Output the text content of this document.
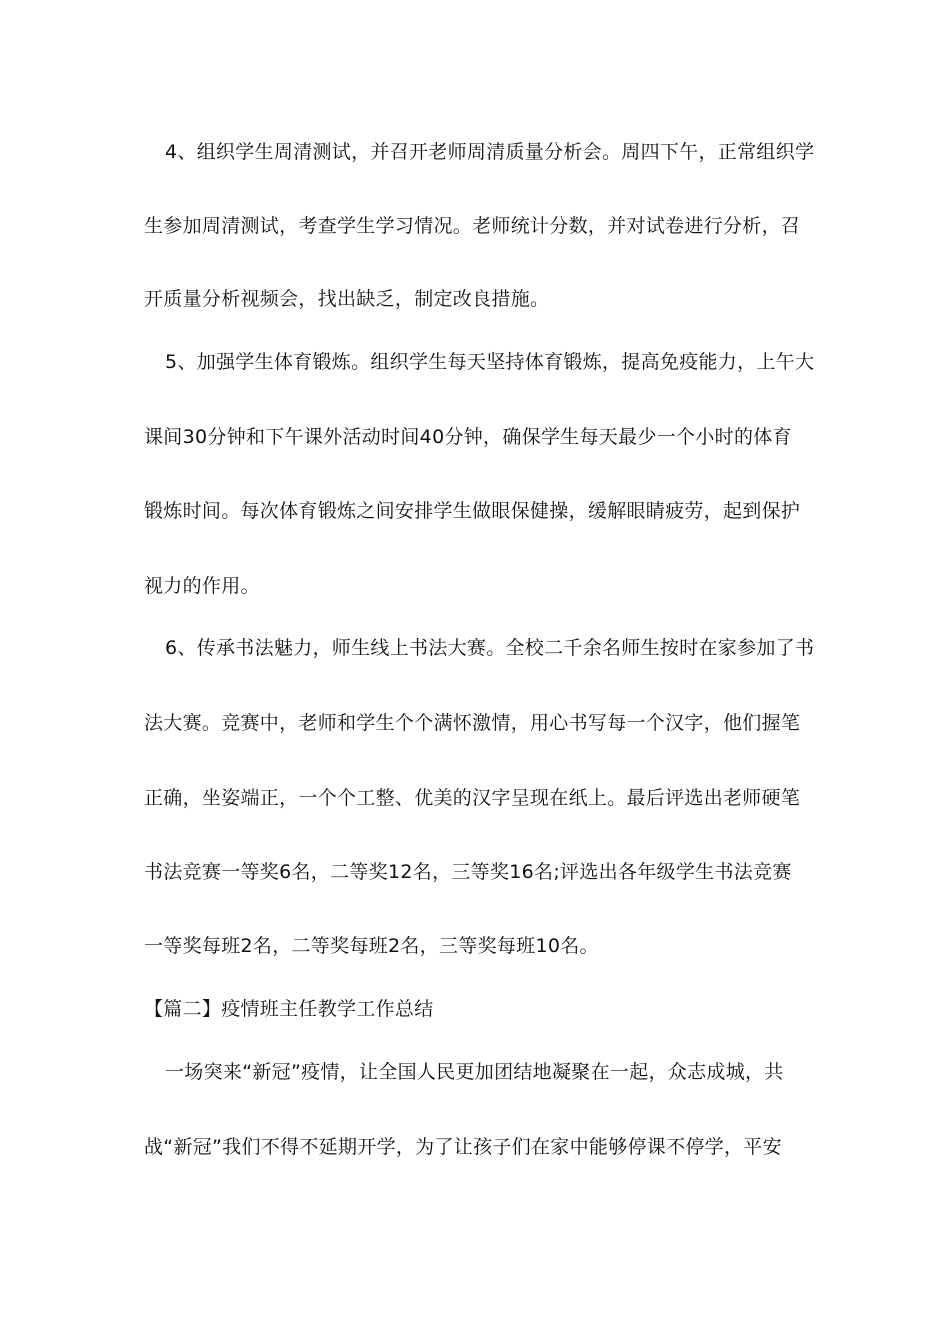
4、组织学生周清测试，并召开老师周清质量分析会。周四下午，正常组织学
生参加周清测试，考查学生学习情况。老师统计分数，并对试卷进行分析，召
开质量分析视频会，找出缺乏，制定改良措施。
5、加强学生体育锻炼。组织学生每天坚持体育锻炼，提高免疫能力，上午大
课间30分钟和下午课外活动时间40分钟，确保学生每天最少一个小时的体育
锻炼时间。每次体育锻炼之间安排学生做眼保健操，缓解眼睛疲劳，起到保护
视力的作用。
6、传承书法魅力，师生线上书法大赛。全校二千余名师生按时在家参加了书
法大赛。竞赛中，老师和学生个个满怀激情，用心书写每一个汉字，他们握笔
正确，坐姿端正，一个个工整、优美的汉字呈现在纸上。最后评选出老师硬笔
书法竞赛一等奖6名，二等奖12名，三等奖16名;评选出各年级学生书法竞赛
一等奖每班2名，二等奖每班2名，三等奖每班10名。
【篇二】疫情班主任教学工作总结
一场突来“新冠”疫情，让全国人民更加团结地凝聚在一起，众志成城，共
战“新冠”我们不得不延期开学，为了让孩子们在家中能够停课不停学，平安
